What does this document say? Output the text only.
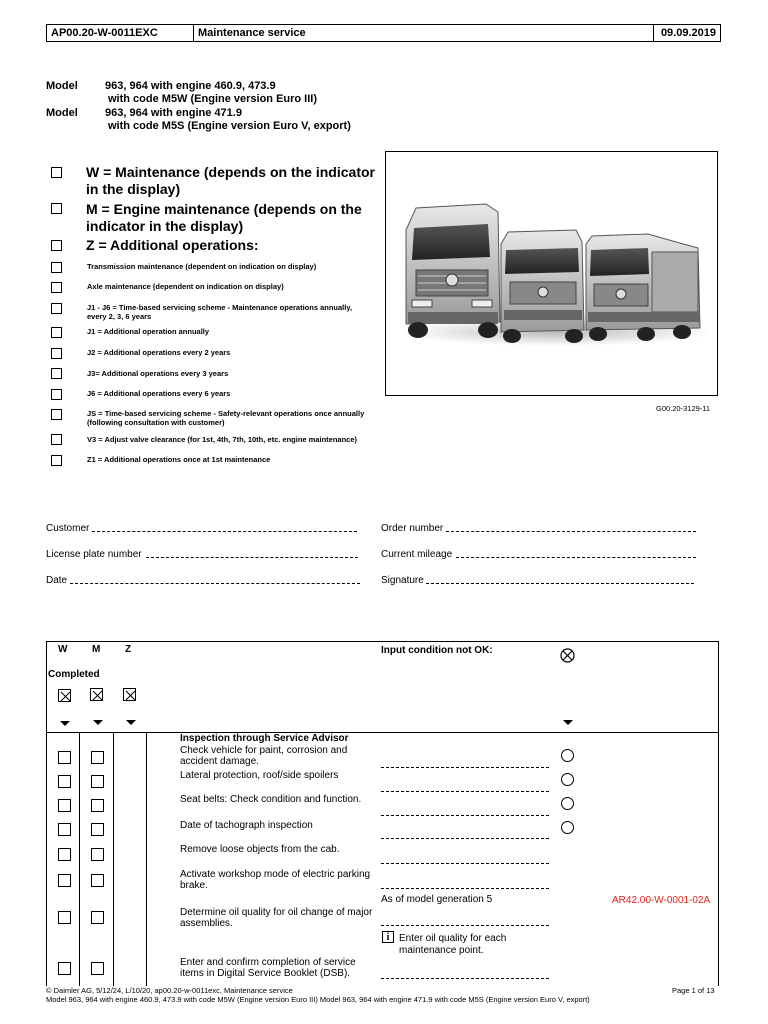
AP00.20-W-0011EXC	Maintenance service	09.09.2019
Model 963, 964 with engine 460.9, 473.9
with code M5W (Engine version Euro III)
Model 963, 964 with engine 471.9
with code M5S (Engine version Euro V, export)
W = Maintenance (depends on the indicator in the display)
M = Engine maintenance (depends on the indicator in the display)
Z = Additional operations:
Transmission maintenance (dependent on indication on display)
Axle maintenance (dependent on indication on display)
J1 - J6 = Time-based servicing scheme - Maintenance operations annually, every 2, 3, 6 years
J1 = Additional operation annually
J2 = Additional operations every 2 years
J3= Additional operations every 3 years
J6 = Additional operations every 6 years
JS = Time-based servicing scheme - Safety-relevant operations once annually (following consultation with customer)
V3 = Adjust valve clearance (for 1st, 4th, 7th, 10th, etc. engine maintenance)
Z1 = Additional operations once at 1st maintenance
G00.20-3129-11
Customer
License plate number
Date
Order number
Current mileage
Signature
W M Z
Completed
Input condition not OK:
Inspection through Service Advisor
Check vehicle for paint, corrosion and accident damage.
Lateral protection, roof/side spoilers
Seat belts: Check condition and function.
Date of tachograph inspection
Remove loose objects from the cab.
Activate workshop mode of electric parking brake.
As of model generation 5	AR42.00-W-0001-02A
Determine oil quality for oil change of major assemblies.
i Enter oil quality for each maintenance point.
Enter and confirm completion of service items in Digital Service Booklet (DSB).
© Daimler AG, 5/12/24, L/10/20, ap00.20-w-0011exc, Maintenance service	Page 1 of 13
Model 963, 964 with engine 460.9, 473.9 with code M5W (Engine version Euro III) Model 963, 964 with engine 471.9 with code M5S (Engine version Euro V, export)
